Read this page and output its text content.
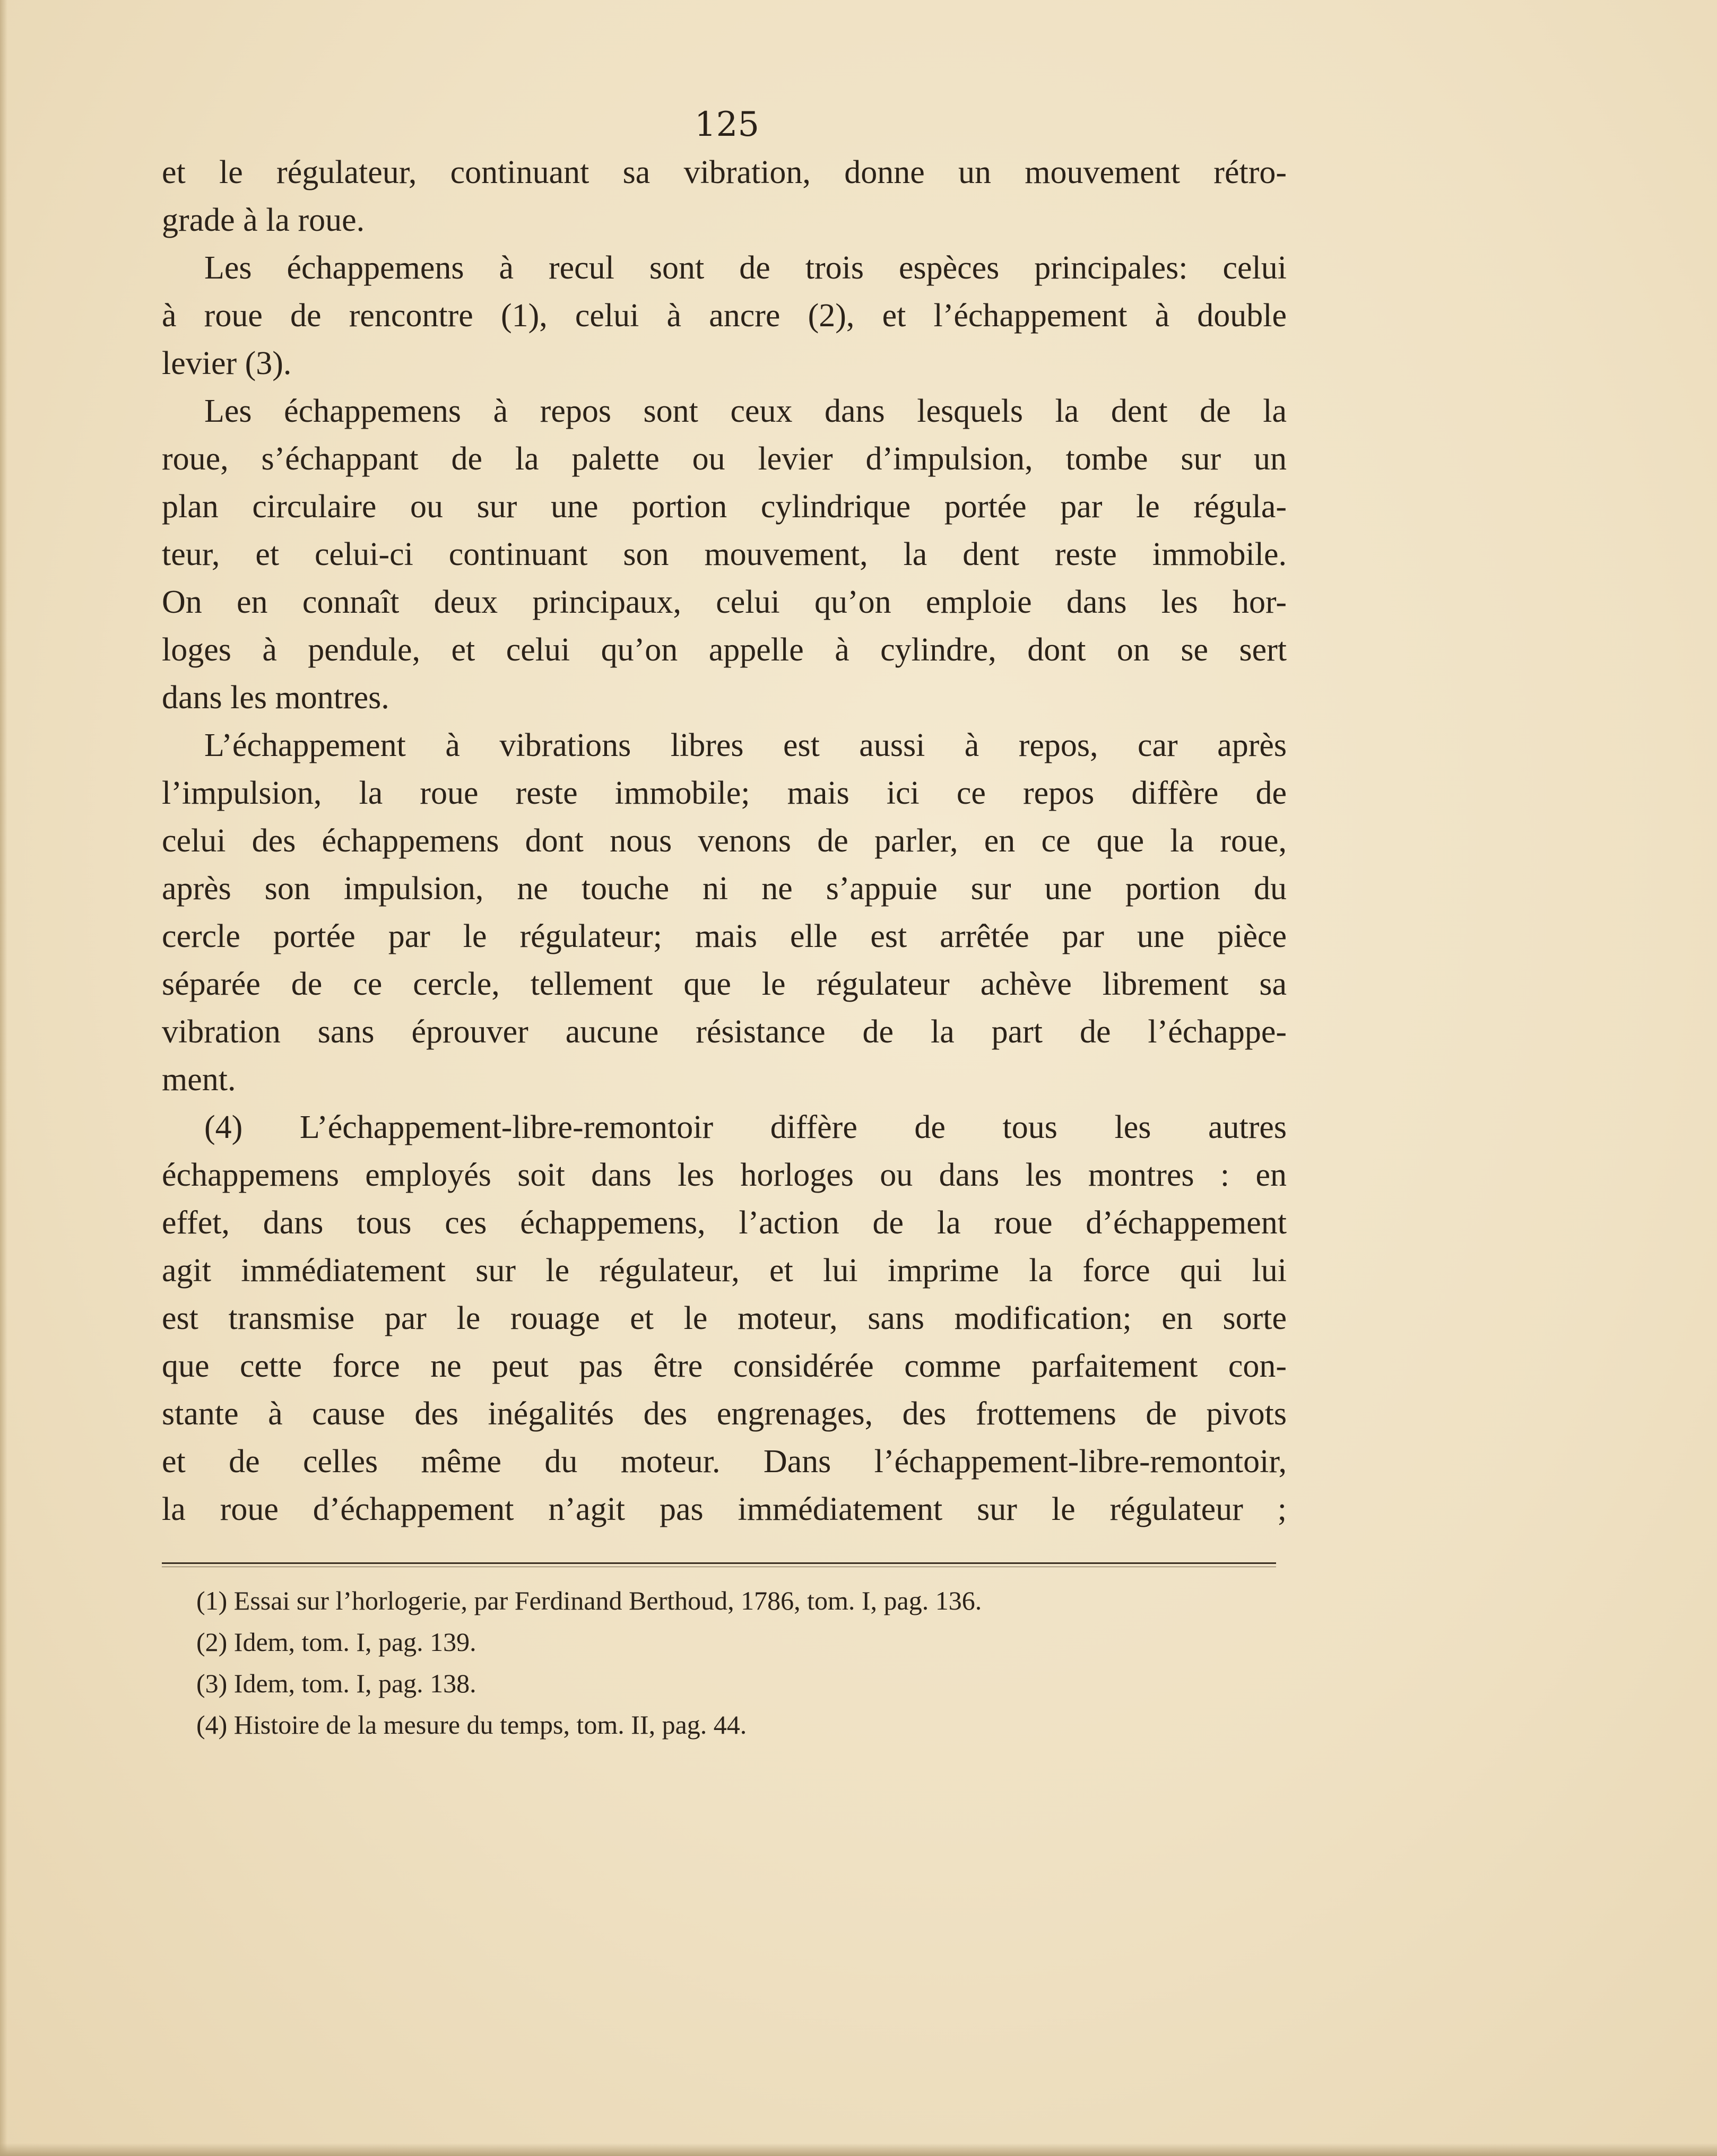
125
et le régulateur, continuant sa vibration, donne un mouvement rétro-
grade à la roue.
Les échappemens à recul sont de trois espèces principales: celui
à roue de rencontre (1), celui à ancre (2), et l’échappement à double
levier (3).
Les échappemens à repos sont ceux dans lesquels la dent de la
roue, s’échappant de la palette ou levier d’impulsion, tombe sur un
plan circulaire ou sur une portion cylindrique portée par le régula-
teur, et celui-ci continuant son mouvement, la dent reste immobile.
On en connaît deux principaux, celui qu’on emploie dans les hor-
loges à pendule, et celui qu’on appelle à cylindre, dont on se sert
dans les montres.
L’échappement à vibrations libres est aussi à repos, car après
l’impulsion, la roue reste immobile; mais ici ce repos diffère de
celui des échappemens dont nous venons de parler, en ce que la roue,
après son impulsion, ne touche ni ne s’appuie sur une portion du
cercle portée par le régulateur; mais elle est arrêtée par une pièce
séparée de ce cercle, tellement que le régulateur achève librement sa
vibration sans éprouver aucune résistance de la part de l’échappe-
ment.
(4) L’échappement-libre-remontoir diffère de tous les autres
échappemens employés soit dans les horloges ou dans les montres : en
effet, dans tous ces échappemens, l’action de la roue d’échappement
agit immédiatement sur le régulateur, et lui imprime la force qui lui
est transmise par le rouage et le moteur, sans modification; en sorte
que cette force ne peut pas être considérée comme parfaitement con-
stante à cause des inégalités des engrenages, des frottemens de pivots
et de celles même du moteur. Dans l’échappement-libre-remontoir,
la roue d’échappement n’agit pas immédiatement sur le régulateur ;
(1) Essai sur l’horlogerie, par Ferdinand Berthoud, 1786, tom. I, pag. 136.
(2) Idem, tom. I, pag. 139.
(3) Idem, tom. I, pag. 138.
(4) Histoire de la mesure du temps, tom. II, pag. 44.
